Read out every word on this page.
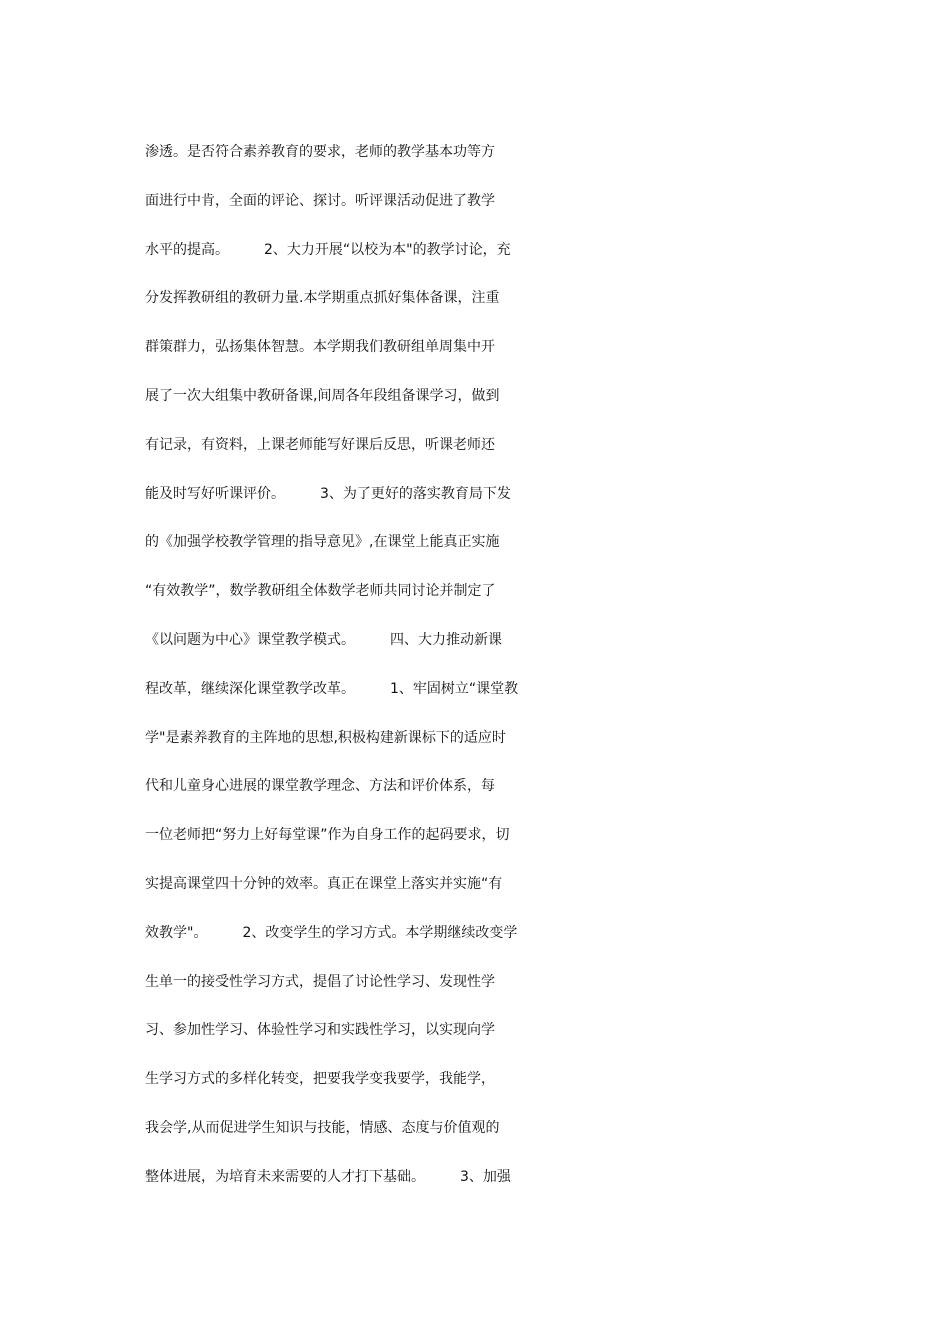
渗透。是否符合素养教育的要求，老师的教学基本功等方
面进行中肯，全面的评论、探讨。听评课活动促进了教学
水平的提高。　　　2、大力开展“以校为本"的教学讨论，充
分发挥教研组的教研力量.本学期重点抓好集体备课，注重
群策群力，弘扬集体智慧。本学期我们教研组单周集中开
展了一次大组集中教研备课,间周各年段组备课学习，做到
有记录，有资料，上课老师能写好课后反思，听课老师还
能及时写好听课评价。　　　3、为了更好的落实教育局下发
的《加强学校教学管理的指导意见》,在课堂上能真正实施
“有效教学”，数学教研组全体数学老师共同讨论并制定了
《以问题为中心》课堂教学模式。　　　四、大力推动新课
程改革，继续深化课堂教学改革。　　　1、牢固树立“课堂教
学"是素养教育的主阵地的思想,积极构建新课标下的适应时
代和儿童身心进展的课堂教学理念、方法和评价体系，每
一位老师把“努力上好每堂课”作为自身工作的起码要求，切
实提高课堂四十分钟的效率。真正在课堂上落实并实施“有
效教学"。　　　2、改变学生的学习方式。本学期继续改变学
生单一的接受性学习方式，提倡了讨论性学习、发现性学
习、参加性学习、体验性学习和实践性学习，以实现向学
生学习方式的多样化转变，把要我学变我要学，我能学，
我会学,从而促进学生知识与技能，情感、态度与价值观的
整体进展，为培育未来需要的人才打下基础。　　　3、加强
